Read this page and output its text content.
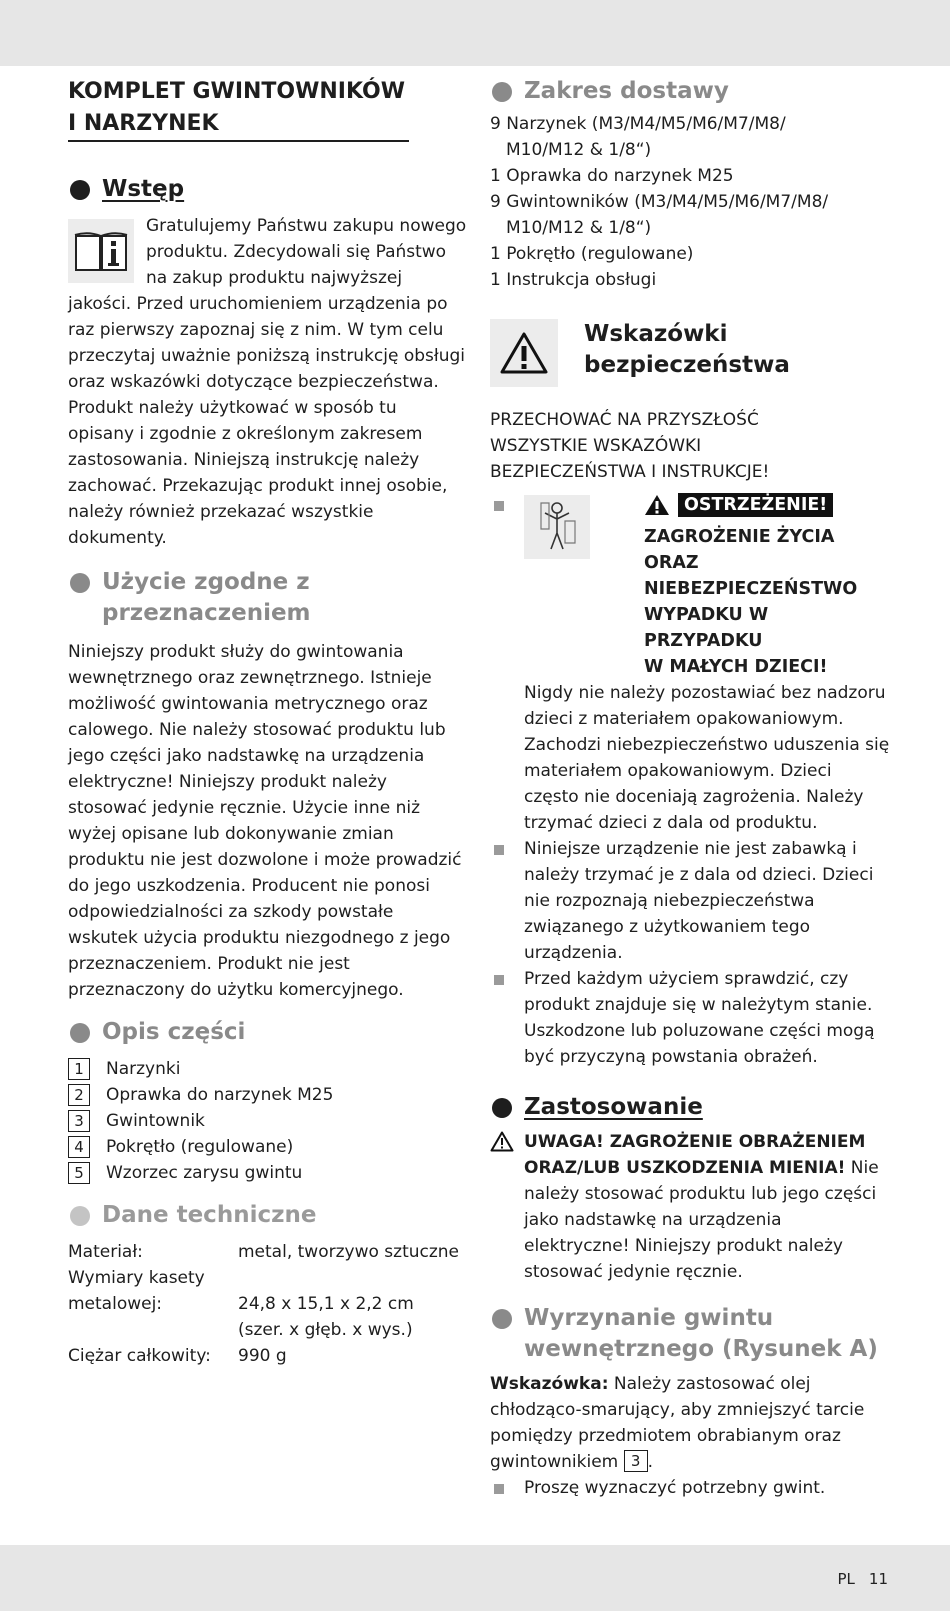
KOMPLET GWINTOWNIKÓW
I NARZYNEK
Wstęp

Gratulujemy Państwu zakupu nowego produktu. Zdecydowali się Państwo na zakup produktu najwyższej jakości. Przed uruchomieniem urządzenia po raz pierwszy zapoznaj się z nim. W tym celu przeczytaj uważnie poniższą instrukcję obsługi oraz wskazówki dotyczące bezpieczeństwa. Produkt należy użytkować w sposób tu opisany i zgodnie z określonym zakresem zastosowania. Niniejszą instrukcję należy zachować. Przekazując produkt innej osobie, należy również przekazać wszystkie dokumenty.

Użycie zgodne z
przeznaczeniem

Niniejszy produkt służy do gwintowania wewnętrznego oraz zewnętrznego. Istnieje możliwość gwintowania metrycznego oraz calowego. Nie należy stosować produktu lub jego części jako nadstawkę na urządzenia elektryczne! Niniejszy produkt należy stosować jedynie ręcznie. Użycie inne niż wyżej opisane lub dokonywanie zmian produktu nie jest dozwolone i może prowadzić do jego uszkodzenia. Producent nie ponosi odpowiedzialności za szkody powstałe wskutek użycia produktu niezgodnego z jego przeznaczeniem. Produkt nie jest przeznaczony do użytku komercyjnego.

Opis części
1	Narzynki
2	Oprawka do narzynek M25
3	Gwintownik
4	Pokrętło (regulowane)
5	Wzorzec zarysu gwintu
Dane techniczne
Materiał:	metal, tworzywo sztuczne
Wymiary kasety
metalowej:	24,8 x 15,1 x 2,2 cm
(szer. x głęb. x wys.)
Ciężar całkowity:	990 g
Zakres dostawy
9 Narzynek (M3/M4/M5/M6/M7/M8/
M10/M12 & 1/8“)
1 Oprawka do narzynek M25
9 Gwintowników (M3/M4/M5/M6/M7/M8/
M10/M12 & 1/8“)
1 Pokrętło (regulowane)
1 Instrukcja obsługi
Wskazówki
bezpieczeństwa

PRZECHOWAĆ NA PRZYSZŁOŚĆ
WSZYSTKIE WSKAZÓWKI
BEZPIECZEŃSTWA I INSTRUKCJE!

OSTRZEŻENIE!
ZAGROŻENIE ŻYCIA ORAZ
NIEBEZPIECZEŃSTWO
WYPADKU W PRZYPADKU
W MAŁYCH DZIECI!

Nigdy nie należy pozostawiać bez nadzoru dzieci z materiałem opakowaniowym. Zachodzi niebezpieczeństwo uduszenia się materiałem opakowaniowym. Dzieci często nie doceniają zagrożenia. Należy trzymać dzieci z dala od produktu.

Niniejsze urządzenie nie jest zabawką i należy trzymać je z dala od dzieci. Dzieci nie rozpoznają niebezpieczeństwa związanego z użytkowaniem tego urządzenia.
Przed każdym użyciem sprawdzić, czy produkt znajduje się w należytym stanie. Uszkodzone lub poluzowane części mogą być przyczyną powstania obrażeń.
Zastosowanie
UWAGA! ZAGROŻENIE OBRAŻENIEM ORAZ/LUB USZKODZENIA MIENIA! Nie należy stosować produktu lub jego części jako nadstawkę na urządzenia elektryczne! Niniejszy produkt należy stosować jedynie ręcznie.
Wyrzynanie gwintu
wewnętrznego (Rysunek A)

Wskazówka: Należy zastosować olej chłodząco-smarujący, aby zmniejszyć tarcie pomiędzy przedmiotem obrabianym oraz gwintownikiem 3 .

Proszę wyznaczyć potrzebny gwint.
PL 11
